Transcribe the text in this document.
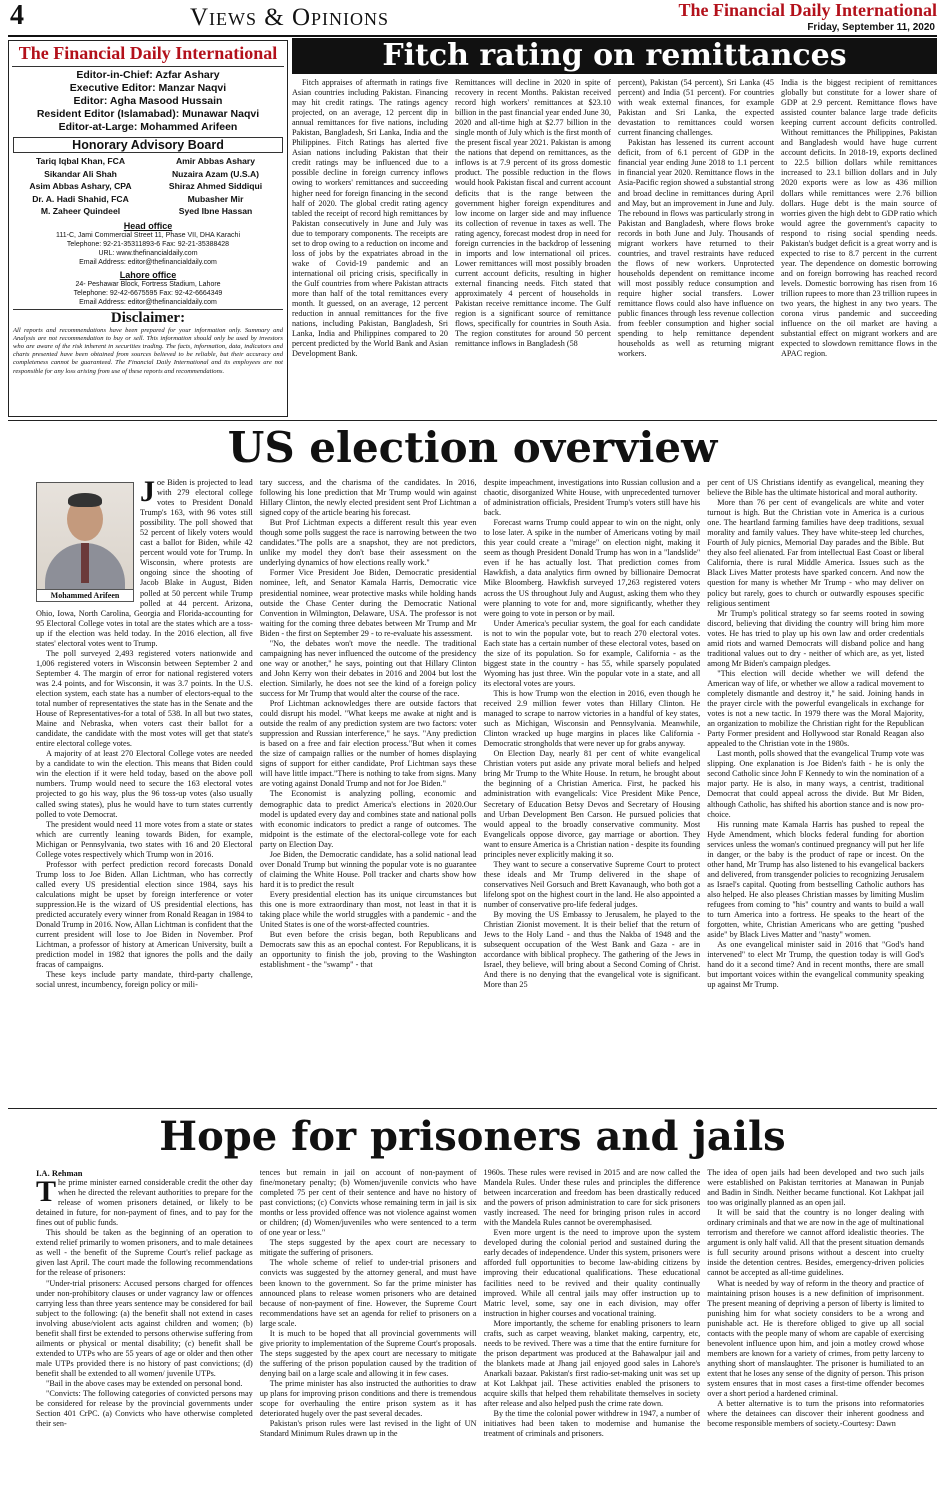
4	Views & Opinions	The Financial Daily International
Friday, September 11, 2020
The Financial Daily International
Editor-in-Chief: Azfar Ashary
Executive Editor: Manzar Naqvi
Editor: Agha Masood Hussain
Resident Editor (Islamabad): Munawar Naqvi
Editor-at-Large: Mohammed Arifeen
Honorary Advisory Board
Tariq Iqbal Khan, FCA	Amir Abbas Ashary
Sikandar Ali Shah	Nuzaira Azam (U.S.A)
Asim Abbas Ashary, CPA	Shiraz Ahmed Siddiqui
Dr. A. Hadi Shahid, FCA	Mubasher Mir
M. Zaheer Quindeel	Syed Ibne Hassan
Head office
111-C, Jami Commercial Street 11, Phase VII, DHA Karachi
Telephone: 92-21-35311893-6 Fax: 92-21-35388428
URL: www.thefinancialdaily.com
Email Address: editor@thefinancialdaily.com
Lahore office
24- Peshawar Block, Fortress Stadium, Lahore
Telephone: 92-42-6675595 Fax: 92-42-6664349
Email Address: editor@thefinancialdaily.com
Disclaimer:
All reports and recommendations have been prepared for your information only. Summary and Analysis are not recommendation to buy or sell. This information should only be used by investors who are aware of the risk inherent in securities trading. The facts, information, data, indicators and charts presented have been obtained from sources believed to be reliable, but their accuracy and completeness cannot be guaranteed. The Financial Daily International and its employees are not responsible for any loss arising from use of these reports and recommendations.
Fitch rating on remittances

Fitch appraises of aftermath in ratings five Asian countries including Pakistan. Financing may hit credit ratings. The ratings agency projected, on an average, 12 percent dip in annual remittances for five nations, including Pakistan, Bangladesh, Sri Lanka, India and the Philippines. Fitch Ratings has alerted five Asian nations including Pakistan that their credit ratings may be influenced due to a possible decline in foreign currency inflows owing to workers' remittances and succeeding higher need for foreign financing in the second half of 2020. The global credit rating agency tabled the receipt of record high remittances by Pakistan consecutively in June and July was due to temporary components. The receipts are set to drop owing to a reduction on income and loss of jobs by the expatriates abroad in the wake of Covid-19 pandemic and an international oil pricing crisis, specifically in the Gulf countries from where Pakistan attracts more than half of the total remittances every month. It guessed, on an average, 12 percent reduction in annual remittances for the five nations, including Pakistan, Bangladesh, Sri Lanka, India and Philippines compared to 20 percent predicted by the World Bank and Asian Development Bank.

Remittances will decline in 2020 in spite of recovery in recent Months. Pakistan received record high workers' remittances at $23.10 billion in the past financial year ended June 30, 2020 and all-time high at $2.77 billion in the single month of July which is the first month of the present fiscal year 2021. Pakistan is among the nations that depend on remittances, as the inflows is at 7.9 percent of its gross domestic product. The possible reduction in the flows would hook Pakistan fiscal and current account deficits that is the range between the government higher foreign expenditures and low income on larger side and may influence its collection of revenue in taxes as well. The rating agency, forecast modest drop in need for foreign currencies in the backdrop of lessening in imports and low international oil prices. Lower remittances will most possibly broaden current account deficits, resulting in higher external financing needs. Fitch stated that approximately 4 percent of households in Pakistan receive remittance income. The Gulf region is a significant source of remittance flows, specifically for countries in South Asia. The region constitutes for around 50 percent remittance inflows in Bangladesh (58

percent), Pakistan (54 percent), Sri Lanka (45 percent) and India (51 percent). For countries with weak external finances, for example Pakistan and Sri Lanka, the expected devastation to remittances could worsen current financing challenges.

Pakistan has lessened its current account deficit, from of 6.1 percent of GDP in the financial year ending June 2018 to 1.1 percent in financial year 2020. Remittance flows in the Asia-Pacific region showed a substantial strong and broad decline in remittances during April and May, but an improvement in June and July. The rebound in flows was particularly strong in Pakistan and Bangladesh, where flows broke records in both June and July. Thousands of migrant workers have returned to their countries, and travel restraints have reduced the flows of new workers. Unprotected households dependent on remittance income will most possibly reduce consumption and require higher social transfers. Lower remittance flows could also have influence on public finances through less revenue collection from feebler consumption and higher social spending to help remittance dependent households as well as returning migrant workers.

India is the biggest recipient of remittances globally but constitute for a lower share of GDP at 2.9 percent. Remittance flows have assisted counter balance large trade deficits keeping current account deficits controlled. Without remittances the Philippines, Pakistan and Bangladesh would have huge current account deficits. In 2018-19, exports declined to 22.5 billion dollars while remittances increased to 23.1 billion dollars and in July 2020 exports were as low as 436 million dollars while remittances were 2.76 billion dollars. Huge debt is the main source of worries given the high debt to GDP ratio which would agree the government's capacity to respond to rising social spending needs. Pakistan's budget deficit is a great worry and is expected to rise to 8.7 percent in the current year. The dependence on domestic borrowing and on foreign borrowing has reached record levels. Domestic borrowing has risen from 16 trillion rupees to more than 23 trillion rupees in two years, the highest in any two years. The corona virus pandemic and succeeding influence on the oil market are having a substantial effect on migrant workers and are expected to slowdown remittance flows in the APAC region.

US election overview
Mohammed Arifeen
J oe Biden is projected to lead with 279 electoral college votes to President Donald Trump's 163, with 96 votes still possibility. The poll showed that 52 percent of likely voters would cast a ballot for Biden, while 42 percent would vote for Trump. In Wisconsin, where protests are ongoing since the shooting of Jacob Blake in August, Biden polled at 50 percent while Trump polled at 44 percent. Arizona, Ohio, Iowa, North Carolina, Georgia and Florida-accounting for 95 Electoral College votes in total are the states which are a toss-up if the election was held today. In the 2016 election, all five states' electoral votes went to Trump.

The poll surveyed 2,493 registered voters nationwide and 1,006 registered voters in Wisconsin between September 2 and September 4. The margin of error for national registered voters was 2.4 points, and for Wisconsin, it was 3.7 points. In the U.S. election system, each state has a number of electors-equal to the total number of representatives the state has in the Senate and the House of Representatives-for a total of 538. In all but two states, Maine and Nebraska, when voters cast their ballot for a candidate, the candidate with the most votes will get that state's entire electoral college votes.

A majority of at least 270 Electoral College votes are needed by a candidate to win the election. This means that Biden could win the election if it were held today, based on the above poll numbers. Trump would need to secure the 163 electoral votes projected to go his way, plus the 96 toss-up votes (also usually called swing states), plus he would have to turn states currently polled to vote Democrat.

The president would need 11 more votes from a state or states which are currently leaning towards Biden, for example, Michigan or Pennsylvania, two states with 16 and 20 Electoral College votes respectively which Trump won in 2016.

Professor with perfect prediction record forecasts Donald Trump loss to Joe Biden. Allan Lichtman, who has correctly called every US presidential election since 1984, says his calculations might be upset by foreign interference or voter suppression.He is the wizard of US presidential elections, has predicted accurately every winner from Ronald Reagan in 1984 to Donald Trump in 2016. Now, Allan Lichtman is confident that the current president will lose to Joe Biden in November. Prof Lichtman, a professor of history at American University, built a prediction model in 1982 that ignores the polls and the daily fracas of campaigns.

These keys include party mandate, third-party challenge, social unrest, incumbency, foreign policy or mili-

tary success, and the charisma of the candidates. In 2016, following his lone prediction that Mr Trump would win against Hillary Clinton, the newly elected president sent Prof Lichtman a signed copy of the article bearing his forecast.

But Prof Lichtman expects a different result this year even though some polls suggest the race is narrowing between the two candidates."The polls are a snapshot, they are not predictors, unlike my model they don't base their assessment on the underlying dynamics of how elections really work."

Former Vice President Joe Biden, Democratic presidential nominee, left, and Senator Kamala Harris, Democratic vice presidential nominee, wear protective masks while holding hands outside the Chase Center during the Democratic National Convention in Wilmington, Delaware, USA. The professor is not waiting for the coming three debates between Mr Trump and Mr Biden - the first on September 29 - to re-evaluate his assessment.

"No, the debates won't move the needle. The traditional campaigning has never influenced the outcome of the presidency one way or another," he says, pointing out that Hillary Clinton and John Kerry won their debates in 2016 and 2004 but lost the election. Similarly, he does not see the kind of a foreign policy success for Mr Trump that would alter the course of the race.

Prof Lichtman acknowledges there are outside factors that could disrupt his model. "What keeps me awake at night and is outside the realm of any prediction system are two factors: voter suppression and Russian interference," he says. "Any prediction is based on a free and fair election process."But when it comes the size of campaign rallies or the number of homes displaying signs of support for either candidate, Prof Lichtman says these will have little impact."There is nothing to take from signs. Many are voting against Donald Trump and not for Joe Biden."

The Economist is analyzing polling, economic and demographic data to predict America's elections in 2020.Our model is updated every day and combines state and national polls with economic indicators to predict a range of outcomes. The midpoint is the estimate of the electoral-college vote for each party on Election Day.

Joe Biden, the Democratic candidate, has a solid national lead over Donald Trump but winning the popular vote is no guarantee of claiming the White House. Poll tracker and charts show how hard it is to predict the result

Every presidential election has its unique circumstances but this one is more extraordinary than most, not least in that it is taking place while the world struggles with a pandemic - and the United States is one of the worst-affected countries.

But even before the crisis began, both Republicans and Democrats saw this as an epochal contest. For Republicans, it is an opportunity to finish the job, proving to the Washington establishment - the "swamp" - that

despite impeachment, investigations into Russian collusion and a chaotic, disorganized White House, with unprecedented turnover of administration officials, President Trump's voters still have his back.

Forecast warns Trump could appear to win on the night, only to lose later. A spike in the number of Americans voting by mail this year could create a "mirage" on election night, making it seem as though President Donald Trump has won in a "landslide" even if he has actually lost. That prediction comes from Hawkfish, a data analytics firm owned by billionaire Democrat Mike Bloomberg. Hawkfish surveyed 17,263 registered voters across the US throughout July and August, asking them who they were planning to vote for and, more significantly, whether they were going to vote in person or by mail.

Under America's peculiar system, the goal for each candidate is not to win the popular vote, but to reach 270 electoral votes. Each state has a certain number of these electoral votes, based on the size of its population. So for example, California - as the biggest state in the country - has 55, while sparsely populated Wyoming has just three. Win the popular vote in a state, and all its electoral votes are yours.

This is how Trump won the election in 2016, even though he received 2.9 million fewer votes than Hillary Clinton. He managed to scrape to narrow victories in a handful of key states, such as Michigan, Wisconsin and Pennsylvania. Meanwhile, Clinton wracked up huge margins in places like California - Democratic strongholds that were never up for grabs anyway.

On Election Day, nearly 81 per cent of white evangelical Christian voters put aside any private moral beliefs and helped bring Mr Trump to the White House. In return, he brought about the beginning of a Christian America. First, he packed his administration with evangelicals: Vice President Mike Pence, Secretary of Education Betsy Devos and Secretary of Housing and Urban Development Ben Carson. He pursued policies that would appeal to the broadly conservative community. Most Evangelicals oppose divorce, gay marriage or abortion. They want to ensure America is a Christian nation - despite its founding principles never explicitly making it so.

They want to secure a conservative Supreme Court to protect these ideals and Mr Trump delivered in the shape of conservatives Neil Gorsuch and Brett Kavanaugh, who both got a lifelong spot on the highest court in the land. He also appointed a number of conservative pro-life federal judges.

By moving the US Embassy to Jerusalem, he played to the Christian Zionist movement. It is their belief that the return of Jews to the Holy Land - and thus the Nakba of 1948 and the subsequent occupation of the West Bank and Gaza - are in accordance with biblical prophecy. The gathering of the Jews in Israel, they believe, will bring about a Second Coming of Christ. And there is no denying that the evangelical vote is significant. More than 25

per cent of US Christians identify as evangelical, meaning they believe the Bible has the ultimate historical and moral authority.

More than 76 per cent of evangelicals are white and voter turnout is high. But the Christian vote in America is a curious one. The heartland farming families have deep traditions, sexual morality and family values. They have white-steep led churches, Fourth of July picnics, Memorial Day parades and the Bible. But they also feel alienated. Far from intellectual East Coast or liberal California, there is rural Middle America. Issues such as the Black Lives Matter protests have sparked concern. And now the question for many is whether Mr Trump - who may deliver on policy but rarely, goes to church or outwardly espouses specific religious sentiment

Mr Trump's political strategy so far seems rooted in sowing discord, believing that dividing the country will bring him more votes. He has tried to play up his own law and order credentials amid riots and warned Democrats will disband police and hang traditional values out to dry - neither of which are, as yet, listed among Mr Biden's campaign pledges.

"This election will decide whether we will defend the American way of life, or whether we allow a radical movement to completely dismantle and destroy it," he said. Joining hands in the prayer circle with the powerful evangelicals in exchange for votes is not a new tactic. In 1979 there was the Moral Majority, an organization to mobilize the Christian right for the Republican Party Former president and Hollywood star Ronald Reagan also appealed to the Christian vote in the 1980s.

Last month, polls showed that the evangelical Trump vote was slipping. One explanation is Joe Biden's faith - he is only the second Catholic since John F Kennedy to win the nomination of a major party. He is also, in many ways, a centrist, traditional Democrat that could appeal across the divide. But Mr Biden, although Catholic, has shifted his abortion stance and is now pro-choice.

His running mate Kamala Harris has pushed to repeal the Hyde Amendment, which blocks federal funding for abortion services unless the woman's continued pregnancy will put her life in danger, or the baby is the product of rape or incest. On the other hand, Mr Trump has also listened to his evangelical backers and delivered, from transgender policies to recognizing Jerusalem as Israel's capital. Quoting from bestselling Catholic authors has also helped. He also pleases Christian masses by limiting Muslim refugees from coming to "his" country and wants to build a wall to turn America into a fortress. He speaks to the heart of the forgotten, white, Christian Americans who are getting "pushed aside" by Black Lives Matter and "nasty" women.

As one evangelical minister said in 2016 that "God's hand intervened" to elect Mr Trump, the question today is will God's hand do it a second time? And in recent months, there are small but important voices within the evangelical community speaking up against Mr Trump.

Hope for prisoners and jails
I.A. Rehman
T he prime minister earned considerable credit the other day when he directed the relevant authorities to prepare for the release of women prisoners detained, or likely to be detained in future, for non-payment of fines, and to pay for the fines out of public funds.

This should be taken as the beginning of an operation to extend relief primarily to women prisoners, and to male detainees as well - the benefit of the Supreme Court's relief package as given last April. The court made the following recommendations for the release of prisoners:

"Under-trial prisoners: Accused persons charged for offences under non-prohibitory clauses or under vagrancy law or offences carrying less than three years sentence may be considered for bail subject to the following: (a) the benefit shall not extend in cases involving abuse/violent acts against children and women; (b) benefit shall first be extended to persons otherwise suffering from ailments or physical or mental disability; (c) benefit shall be extended to UTPs who are 55 years of age or older and then other male UTPs provided there is no history of past convictions; (d) benefit shall be extended to all women/ juvenile UTPs.

"Bail in the above cases may be extended on personal bond.

"Convicts: The following categories of convicted persons may be considered for release by the provincial governments under Section 401 CrPC. (a) Convicts who have otherwise completed their sen-

tences but remain in jail on account of non-payment of fine/monetary penalty; (b) Women/juvenile convicts who have completed 75 per cent of their sentence and have no history of past convictions; (c) Convicts whose remaining term in jail is six months or less provided offence was not violence against women or children; (d) Women/juveniles who were sentenced to a term of one year or less."

The steps suggested by the apex court are necessary to mitigate the suffering of prisoners.

The whole scheme of relief to under-trial prisoners and convicts was suggested by the attorney general, and must have been known to the government. So far the prime minister has announced plans to release women prisoners who are detained because of non-payment of fine. However, the Supreme Court recommendations have set an agenda for relief to prisoners on a large scale.

It is much to be hoped that all provincial governments will give priority to implementation of the Supreme Court's proposals. The steps suggested by the apex court are necessary to mitigate the suffering of the prison population caused by the tradition of denying bail on a large scale and allowing it in few cases.

The prime minister has also instructed the authorities to draw up plans for improving prison conditions and there is tremendous scope for overhauling the entire prison system as it has deteriorated hugely over the past several decades.

Pakistan's prison rules were last revised in the light of UN Standard Minimum Rules drawn up in the

1960s. These rules were revised in 2015 and are now called the Mandela Rules. Under these rules and principles the difference between incarceration and freedom has been drastically reduced and the powers of prison administration to care for sick prisoners vastly increased. The need for bringing prison rules in accord with the Mandela Rules cannot be overemphasised.

Even more urgent is the need to improve upon the system developed during the colonial period and sustained during the early decades of independence. Under this system, prisoners were afforded full opportunities to become law-abiding citizens by improving their educational qualifications. These educational facilities need to be revived and their quality continually improved. While all central jails may offer instruction up to Matric level, some, say one in each division, may offer instruction in higher courses and vocational training.

More importantly, the scheme for enabling prisoners to learn crafts, such as carpet weaving, blanket making, carpentry, etc, needs to be revived. There was a time that the entire furniture for the prison department was produced at the Bahawalpur jail and the blankets made at Jhang jail enjoyed good sales in Lahore's Anarkali bazaar. Pakistan's first radio-set-making unit was set up at Kot Lakhpat jail. These activities enabled the prisoners to acquire skills that helped them rehabilitate themselves in society after release and also helped push the crime rate down.

By the time the colonial power withdrew in 1947, a number of initiatives had been taken to modernise and humanise the treatment of criminals and prisoners.

The idea of open jails had been developed and two such jails were established on Pakistan territories at Manawan in Punjab and Badin in Sindh. Neither became functional. Kot Lakhpat jail too was originally planned as an open jail.

It will be said that the country is no longer dealing with ordinary criminals and that we are now in the age of multinational terrorism and therefore we cannot afford idealistic theories. The argument is only half valid. All that the present situation demands is full security around prisons without a descent into cruelty inside the detention centres. Besides, emergency-driven policies cannot be accepted as all-time guidelines.

What is needed by way of reform in the theory and practice of maintaining prison houses is a new definition of imprisonment. The present meaning of depriving a person of liberty is limited to punishing him for what society considers to be a wrong and punishable act. He is therefore obliged to give up all social contacts with the people many of whom are capable of exercising benevolent influence upon him, and join a motley crowd whose members are known for a variety of crimes, from petty larceny to anything short of manslaughter. The prisoner is humiliated to an extent that he loses any sense of the dignity of person. This prison system ensures that in most cases a first-time offender becomes over a short period a hardened criminal.

A better alternative is to turn the prisons into reformatories where the detainees can discover their inherent goodness and become responsible members of society.-Courtesy: Dawn
